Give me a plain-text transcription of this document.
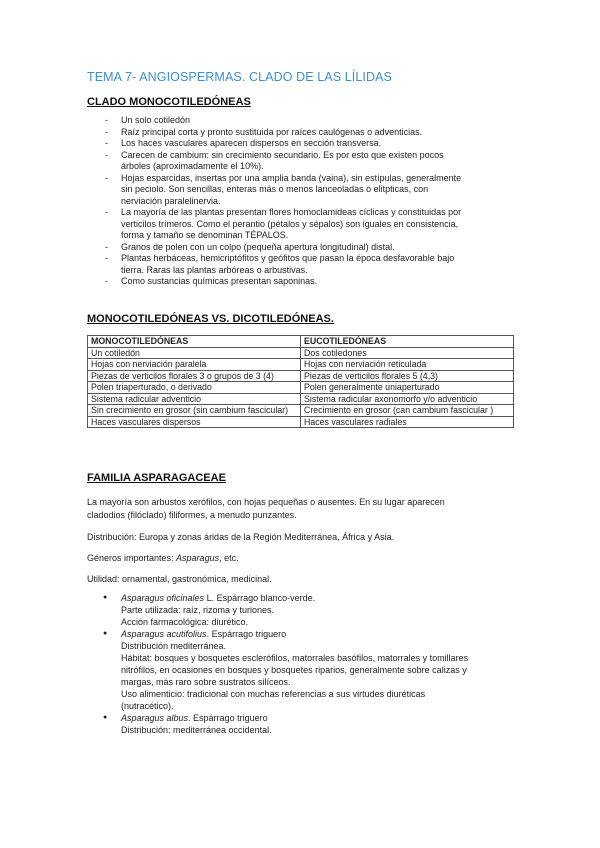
TEMA 7- ANGIOSPERMAS. CLADO DE LAS LÍLIDAS
CLADO MONOCOTILEDÓNEAS
- Un solo cotiledón
- Raíz principal corta y pronto sustituida por raíces caulógenas o adventicias.
- Los haces vasculares aparecen dispersos en sección transversa.
- Carecen de cambium: sin crecimiento secundario. Es por esto que existen pocos
árboles (aproximadamente el 10%).
- Hojas esparcidas, insertas por una amplia banda (vaina), sin estípulas, generalmente
sin peciolo. Son sencillas, enteras más o menos lanceoladas o elitpticas, con
nerviación paralelinervia.
- La mayoría de las plantas presentan flores homoclamideas cíclicas y constituidas por
verticilos trímeros. Como el perantio (pétalos y sépalos) son iguales en consistencia,
forma y tamaño se denominan TÉPALOS.
- Granos de polen con un colpo (pequeña apertura longitudinal) distal.
- Plantas herbáceas, hemicriptófitos y geófitos que pasan la época desfavorable bajo
tierra. Raras las plantas arbóreas o arbustivas.
- Como sustancias químicas presentan saponinas.
MONOCOTILEDÓNEAS VS. DICOTILEDÓNEAS.
MONOCOTILEDÓNEAS	EUCOTILEDÓNEAS
Un cotiledón	Dos cotiledones
Hojas con nerviación paralela	Hojas con nerviación reticulada
Piezas de verticilos florales 3 o grupos de 3 (4)	Piezas de verticilos florales 5 (4,3)
Polen triaperturado, o derivado	Polen generalmente uniaperturado
Sistema radicular adventicio	Sistema radicular axonomorfo y/o adventicio
Sin crecimiento en grosor (sin cambium fascicular)	Crecimiento en grosor (can cambium fascicular )
Haces vasculares dispersos	Haces vasculares radiales
FAMILIA ASPARAGACEAE

La mayoría son arbustos xerófilos, con hojas pequeñas o ausentes. En su lugar aparecen
cladodios (filóclado) filiformes, a menudo punzantes.

Distribución: Europa y zonas áridas de la Región Mediterránea, África y Asia.

Géneros importantes: Asparagus, etc.

Utilidad: ornamental, gastronómica, medicinal.

● Asparagus oficinales L. Espárrago blanco-verde.
Parte utilizada: raíz, rizoma y turiones.
Acción farmacológica: diurético.
● Asparagus acutifolius. Espárrago triguero
Distribución mediterránea.
Hábitat: bosques y bosquetes esclerófilos, matorrales basófilos, matorrales y tomillares
nitrófilos, en ocasiones en bosques y bosquetes riparios, generalmente sobre calizas y
margas, más raro sobre sustratos silíceos.
Uso alimenticio: tradicional con muchas referencias a sus virtudes diuréticas
(nutracético).
● Asparagus albus. Espárrago triguero
Distribución: mediterránea occidental.
